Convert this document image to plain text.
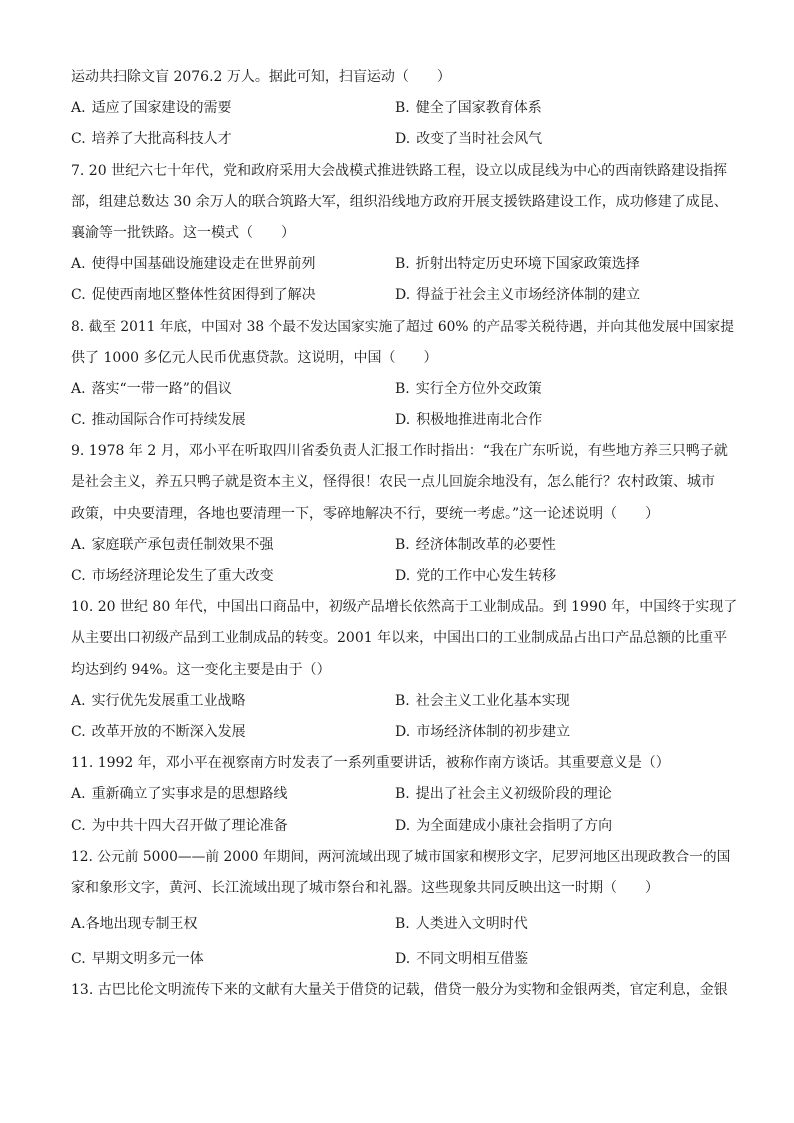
运动共扫除文盲 2076.2 万人。据此可知，扫盲运动（　　）
A. 适应了国家建设的需要	B. 健全了国家教育体系
C. 培养了大批高科技人才	D. 改变了当时社会风气
7. 20 世纪六七十年代，党和政府采用大会战模式推进铁路工程，设立以成昆线为中心的西南铁路建设指挥
部，组建总数达 30 余万人的联合筑路大军，组织沿线地方政府开展支援铁路建设工作，成功修建了成昆、
襄渝等一批铁路。这一模式（　　）
A. 使得中国基础设施建设走在世界前列	B. 折射出特定历史环境下国家政策选择
C. 促使西南地区整体性贫困得到了解决	D. 得益于社会主义市场经济体制的建立
8. 截至 2011 年底，中国对 38 个最不发达国家实施了超过 60% 的产品零关税待遇，并向其他发展中国家提
供了 1000 多亿元人民币优惠贷款。这说明，中国（　　）
A. 落实“一带一路”的倡议	B. 实行全方位外交政策
C. 推动国际合作可持续发展	D. 积极地推进南北合作
9. 1978 年 2 月，邓小平在听取四川省委负责人汇报工作时指出：“我在广东听说，有些地方养三只鸭子就
是社会主义，养五只鸭子就是资本主义，怪得很！农民一点儿回旋余地没有，怎么能行？农村政策、城市
政策，中央要清理，各地也要清理一下，零碎地解决不行，要统一考虑。”这一论述说明（　　）
A. 家庭联产承包责任制效果不强	B. 经济体制改革的必要性
C. 市场经济理论发生了重大改变	D. 党的工作中心发生转移
10. 20 世纪 80 年代，中国出口商品中，初级产品增长依然高于工业制成品。到 1990 年，中国终于实现了
从主要出口初级产品到工业制成品的转变。2001 年以来，中国出口的工业制成品占出口产品总额的比重平
均达到约 94%。这一变化主要是由于（）
A. 实行优先发展重工业战略	B. 社会主义工业化基本实现
C. 改革开放的不断深入发展	D. 市场经济体制的初步建立
11. 1992 年，邓小平在视察南方时发表了一系列重要讲话，被称作南方谈话。其重要意义是（）
A. 重新确立了实事求是的思想路线	B. 提出了社会主义初级阶段的理论
C. 为中共十四大召开做了理论准备	D. 为全面建成小康社会指明了方向
12. 公元前 5000——前 2000 年期间，两河流域出现了城市国家和楔形文字，尼罗河地区出现政教合一的国
家和象形文字，黄河、长江流域出现了城市祭台和礼器。这些现象共同反映出这一时期（　　）
A.各地出现专制王权	B. 人类进入文明时代
C. 早期文明多元一体	D. 不同文明相互借鉴
13. 古巴比伦文明流传下来的文献有大量关于借贷的记载，借贷一般分为实物和金银两类，官定利息，金银
